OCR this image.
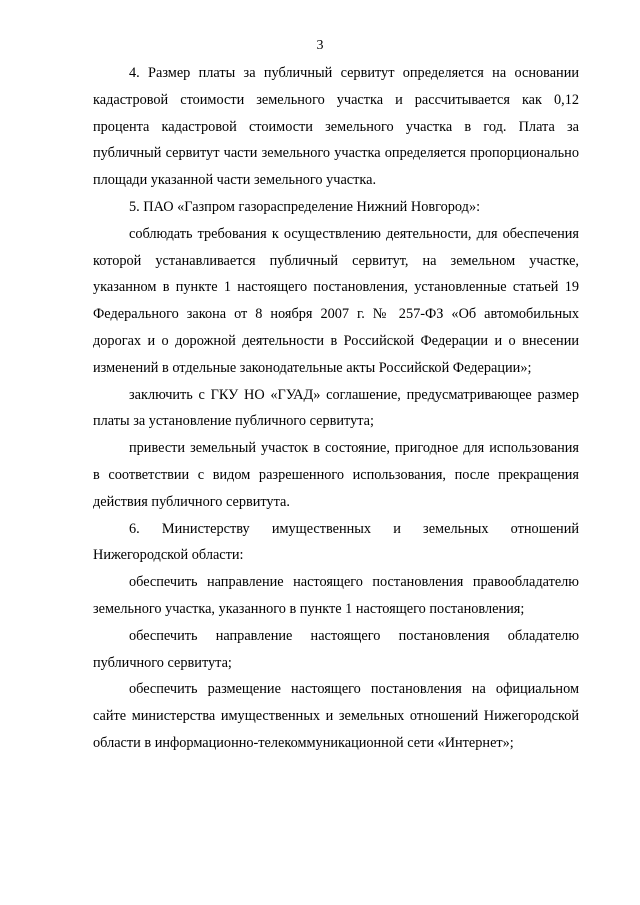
3

4. Размер платы за публичный сервитут определяется на основании кадастровой стоимости земельного участка и рассчитывается как 0,12 процента кадастровой стоимости земельного участка в год. Плата за публичный сервитут части земельного участка определяется пропорционально площади указанной части земельного участка.

5. ПАО «Газпром газораспределение Нижний Новгород»:

соблюдать требования к осуществлению деятельности, для обеспечения которой устанавливается публичный сервитут, на земельном участке, указанном в пункте 1 настоящего постановления, установленные статьей 19 Федерального закона от 8 ноября 2007 г. № 257-ФЗ «Об автомобильных дорогах и о дорожной деятельности в Российской Федерации и о внесении изменений в отдельные законодательные акты Российской Федерации»;

заключить с ГКУ НО «ГУАД» соглашение, предусматривающее размер платы за установление публичного сервитута;

привести земельный участок в состояние, пригодное для использования в соответствии с видом разрешенного использования, после прекращения действия публичного сервитута.

6. Министерству имущественных и земельных отношений Нижегородской области:

обеспечить направление настоящего постановления правообладателю земельного участка, указанного в пункте 1 настоящего постановления;

обеспечить направление настоящего постановления обладателю публичного сервитута;

обеспечить размещение настоящего постановления на официальном сайте министерства имущественных и земельных отношений Нижегородской области в информационно-телекоммуникационной сети «Интернет»;
